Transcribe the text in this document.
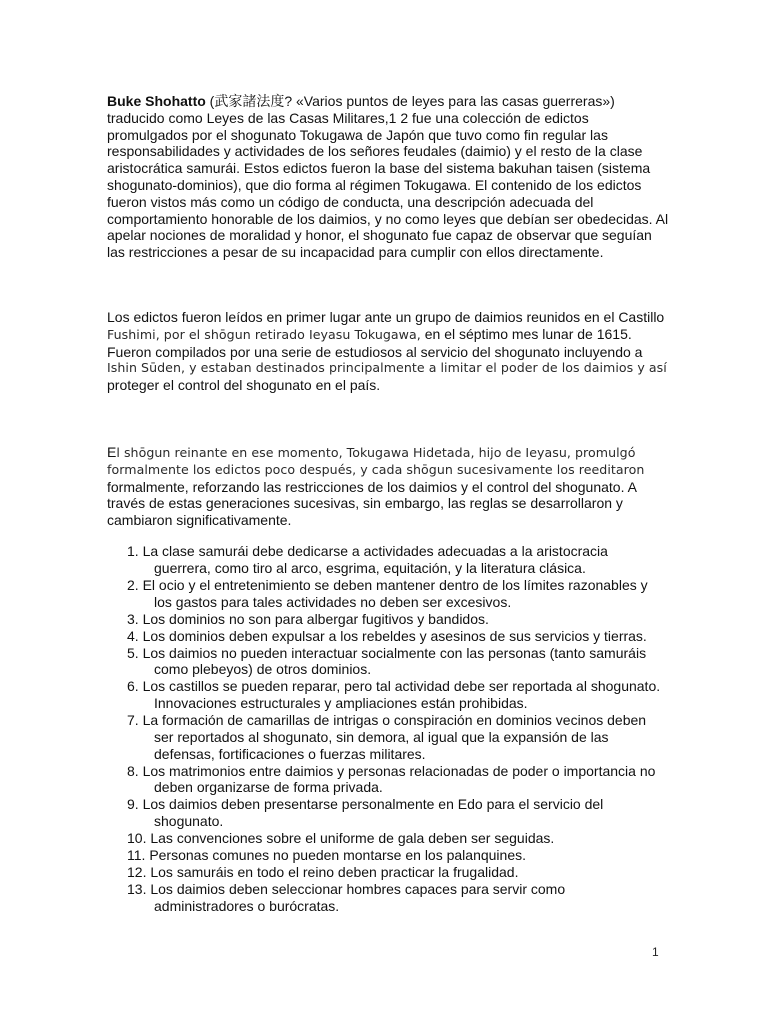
Buke Shohatto (武家諸法度? «Varios puntos de leyes para las casas guerreras»)
traducido como Leyes de las Casas Militares,1 2 fue una colección de edictos
promulgados por el shogunato Tokugawa de Japón que tuvo como fin regular las
responsabilidades y actividades de los señores feudales (daimio) y el resto de la clase
aristocrática samurái. Estos edictos fueron la base del sistema bakuhan taisen (sistema
shogunato-dominios), que dio forma al régimen Tokugawa. El contenido de los edictos
fueron vistos más como un código de conducta, una descripción adecuada del
comportamiento honorable de los daimios, y no como leyes que debían ser obedecidas. Al
apelar nociones de moralidad y honor, el shogunato fue capaz de observar que seguían
las restricciones a pesar de su incapacidad para cumplir con ellos directamente.

Los edictos fueron leídos en primer lugar ante un grupo de daimios reunidos en el Castillo
Fushimi, por el shōgun retirado Ieyasu Tokugawa, en el séptimo mes lunar de 1615.
Fueron compilados por una serie de estudiosos al servicio del shogunato incluyendo a
Ishin Sūden, y estaban destinados principalmente a limitar el poder de los daimios y así
proteger el control del shogunato en el país.

El shōgun reinante en ese momento, Tokugawa Hidetada, hijo de Ieyasu, promulgó
formalmente los edictos poco después, y cada shōgun sucesivamente los reeditaron
formalmente, reforzando las restricciones de los daimios y el control del shogunato. A
través de estas generaciones sucesivas, sin embargo, las reglas se desarrollaron y
cambiaron significativamente.

1. La clase samurái debe dedicarse a actividades adecuadas a la aristocracia
guerrera, como tiro al arco, esgrima, equitación, y la literatura clásica.
2. El ocio y el entretenimiento se deben mantener dentro de los límites razonables y
los gastos para tales actividades no deben ser excesivos.
3. Los dominios no son para albergar fugitivos y bandidos.
4. Los dominios deben expulsar a los rebeldes y asesinos de sus servicios y tierras.
5. Los daimios no pueden interactuar socialmente con las personas (tanto samuráis
como plebeyos) de otros dominios.
6. Los castillos se pueden reparar, pero tal actividad debe ser reportada al shogunato.
Innovaciones estructurales y ampliaciones están prohibidas.
7. La formación de camarillas de intrigas o conspiración en dominios vecinos deben
ser reportados al shogunato, sin demora, al igual que la expansión de las
defensas, fortificaciones o fuerzas militares.
8. Los matrimonios entre daimios y personas relacionadas de poder o importancia no
deben organizarse de forma privada.
9. Los daimios deben presentarse personalmente en Edo para el servicio del
shogunato.
10. Las convenciones sobre el uniforme de gala deben ser seguidas.
11. Personas comunes no pueden montarse en los palanquines.
12. Los samuráis en todo el reino deben practicar la frugalidad.
13. Los daimios deben seleccionar hombres capaces para servir como
administradores o burócratas.
1
